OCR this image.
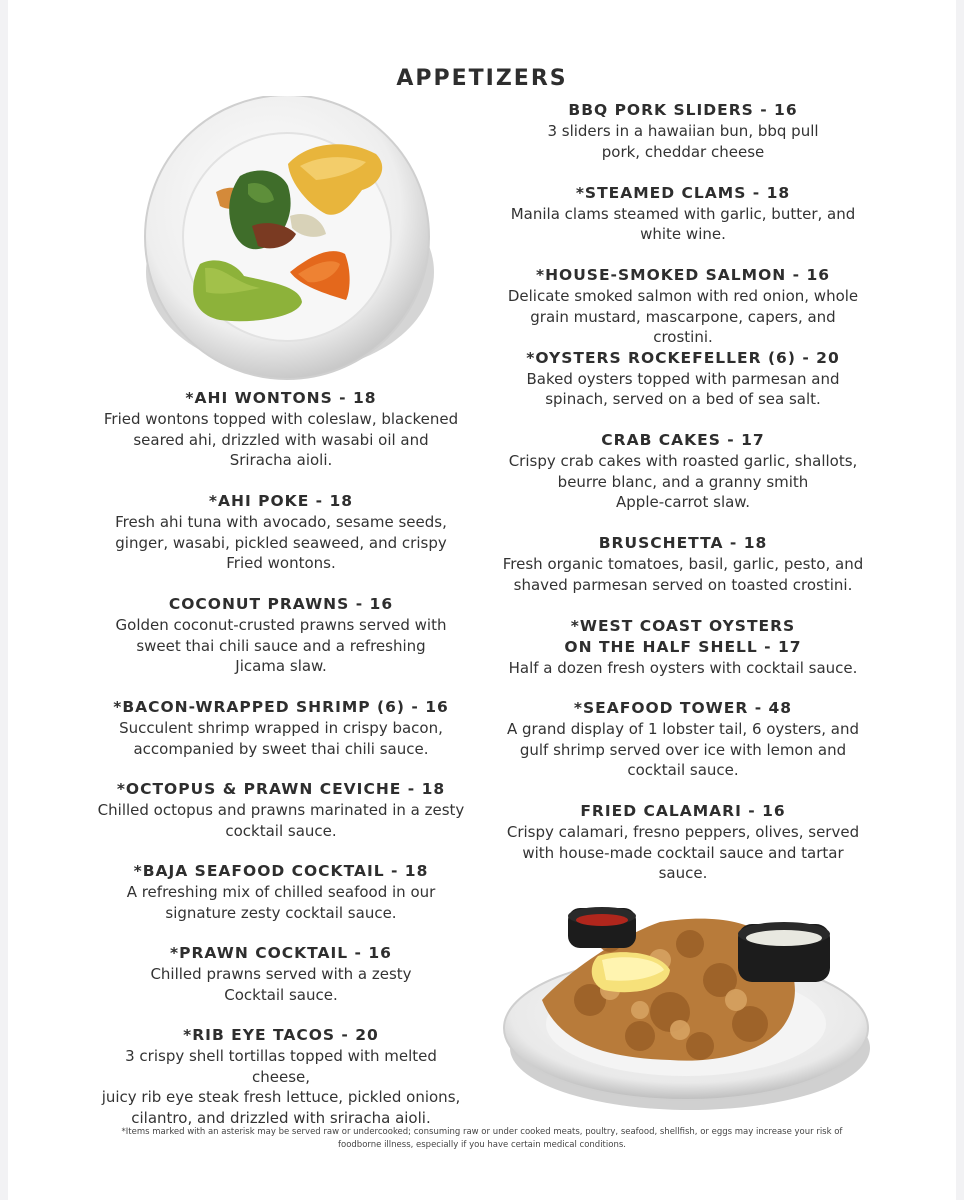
APPETIZERS
*AHI WONTONS - 18
Fried wontons topped with coleslaw, blackened
seared ahi, drizzled with wasabi oil and
Sriracha aioli.
*AHI POKE - 18
Fresh ahi tuna with avocado, sesame seeds,
ginger, wasabi, pickled seaweed, and crispy
Fried wontons.
COCONUT PRAWNS - 16
Golden coconut-crusted prawns served with
sweet thai chili sauce and a refreshing
Jicama slaw.
*BACON-WRAPPED SHRIMP (6) - 16
Succulent shrimp wrapped in crispy bacon,
accompanied by sweet thai chili sauce.
*OCTOPUS & PRAWN CEVICHE - 18
Chilled octopus and prawns marinated in a zesty
cocktail sauce.
*BAJA SEAFOOD COCKTAIL - 18
A refreshing mix of chilled seafood in our
signature zesty cocktail sauce.
*PRAWN COCKTAIL - 16
Chilled prawns served with a zesty
Cocktail sauce.
*RIB EYE TACOS - 20
3 crispy shell tortillas topped with melted cheese,
juicy rib eye steak fresh lettuce, pickled onions,
cilantro, and drizzled with sriracha aioli.
BBQ PORK SLIDERS - 16
3 sliders in a hawaiian bun, bbq pull
pork, cheddar cheese
*STEAMED CLAMS - 18
Manila clams steamed with garlic, butter, and
white wine.
*HOUSE-SMOKED SALMON - 16
Delicate smoked salmon with red onion, whole
grain mustard, mascarpone, capers, and crostini.
*OYSTERS ROCKEFELLER (6) - 20
Baked oysters topped with parmesan and
spinach, served on a bed of sea salt.
CRAB CAKES - 17
Crispy crab cakes with roasted garlic, shallots,
beurre blanc, and a granny smith
Apple-carrot slaw.
BRUSCHETTA - 18
Fresh organic tomatoes, basil, garlic, pesto, and
shaved parmesan served on toasted crostini.
*WEST COAST OYSTERS
ON THE HALF SHELL - 17
Half a dozen fresh oysters with cocktail sauce.
*SEAFOOD TOWER - 48
A grand display of 1 lobster tail, 6 oysters, and
gulf shrimp served over ice with lemon and
cocktail sauce.
FRIED CALAMARI - 16
Crispy calamari, fresno peppers, olives, served
with house-made cocktail sauce and tartar sauce.
*Items marked with an asterisk may be served raw or undercooked; consuming raw or under cooked meats, poultry, seafood, shellfish, or eggs may increase your risk of
foodborne illness, especially if you have certain medical conditions.
